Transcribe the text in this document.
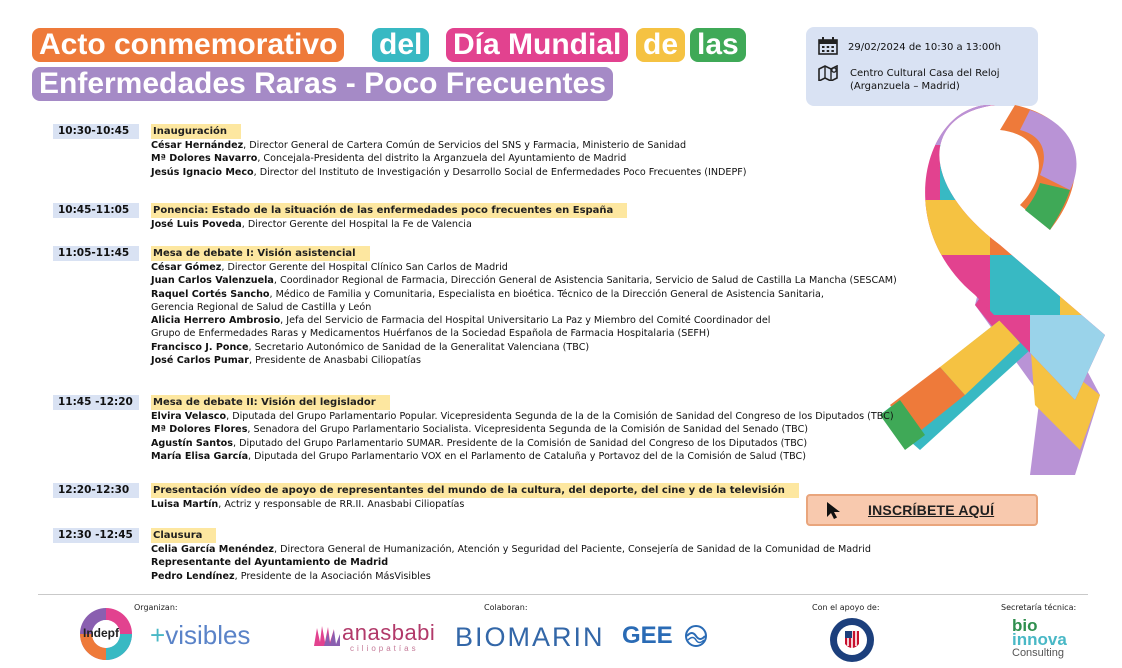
Acto conmemorativo del Día Mundial de las
Enfermedades Raras - Poco Frecuentes
29/02/2024 de 10:30 a 13:00h
Centro Cultural Casa del Reloj
(Arganzuela – Madrid)
10:30-10:45	Inauguración
César Hernández, Director General de Cartera Común de Servicios del SNS y Farmacia, Ministerio de Sanidad
Mª Dolores Navarro, Concejala-Presidenta del distrito la Arganzuela del Ayuntamiento de Madrid
Jesús Ignacio Meco, Director del Instituto de Investigación y Desarrollo Social de Enfermedades Poco Frecuentes (INDEPF)
10:45-11:05	Ponencia: Estado de la situación de las enfermedades poco frecuentes en España
José Luis Poveda, Director Gerente del Hospital la Fe de Valencia
11:05-11:45	Mesa de debate I: Visión asistencial
César Gómez, Director Gerente del Hospital Clínico San Carlos de Madrid
Juan Carlos Valenzuela, Coordinador Regional de Farmacia, Dirección General de Asistencia Sanitaria, Servicio de Salud de Castilla La Mancha (SESCAM)
Raquel Cortés Sancho, Médico de Familia y Comunitaria, Especialista en bioética. Técnico de la Dirección General de Asistencia Sanitaria,
Gerencia Regional de Salud de Castilla y León
Alicia Herrero Ambrosio, Jefa del Servicio de Farmacia del Hospital Universitario La Paz y Miembro del Comité Coordinador del
Grupo de Enfermedades Raras y Medicamentos Huérfanos de la Sociedad Española de Farmacia Hospitalaria (SEFH)
Francisco J. Ponce, Secretario Autonómico de Sanidad de la Generalitat Valenciana (TBC)
José Carlos Pumar, Presidente de Anasbabi Ciliopatías
11:45 -12:20	Mesa de debate II: Visión del legislador
Elvira Velasco, Diputada del Grupo Parlamentario Popular. Vicepresidenta Segunda de la de la Comisión de Sanidad del Congreso de los Diputados (TBC)
Mª Dolores Flores, Senadora del Grupo Parlamentario Socialista. Vicepresidenta Segunda de la Comisión de Sanidad del Senado (TBC)
Agustín Santos, Diputado del Grupo Parlamentario SUMAR. Presidente de la Comisión de Sanidad del Congreso de los Diputados (TBC)
María Elisa García, Diputada del Grupo Parlamentario VOX en el Parlamento de Cataluña y Portavoz del de la Comisión de Salud (TBC)
12:20-12:30	Presentación vídeo de apoyo de representantes del mundo de la cultura, del deporte, del cine y de la televisión
Luisa Martín, Actriz y responsable de RR.II. Anasbabi Ciliopatías
12:30 -12:45	Clausura
Celia García Menéndez, Directora General de Humanización, Atención y Seguridad del Paciente, Consejería de Sanidad de la Comunidad de Madrid
Representante del Ayuntamiento de Madrid
Pedro Lendínez, Presidente de la Asociación MásVisibles
INSCRÍBETE AQUÍ
Organizan:	Colaboran:	Con el apoyo de:	Secretaría técnica:
Indepf +visibles	anasbabi
ciliopatías BIOMARIN GEE	bio
innova
Consulting
